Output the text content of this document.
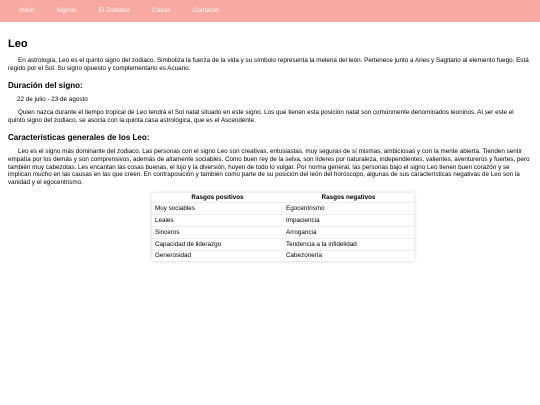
Inicio	Signos	El Zodiaco	Casas	Contacto
Leo

En astrología, Leo es el quinto signo del zodiaco. Simboliza la fuerza de la vida y su símbolo representa la melena del león. Pertenece junto a Aries y Sagitario al elemento fuego. Está regido por el Sol. Su signo opuesto y complementario es Acuario.

Duración del signo:

22 de julio - 23 de agosto

Quien nazca durante el tiempo tropical de Leo tendrá el Sol natal situado en este signo. Los que tienen esta posición natal son comúnmente denominados leoninos. Al ser este el quinto signo del zodiaco, se asocia con la quinta casa astrológica, que es el Ascendente.

Características generales de los Leo:

Leo es el signo más dominante del zodiaco. Las personas con el signo Leo son creativas, entusiastas, muy seguras de sí mismas, ambiciosas y con la mente abierta. Tienden sentir empatía por los demás y son comprensivos, además de altamente sociables. Como buen rey de la selva, son líderes por naturaleza, independientes, valientes, aventureros y fuertes, pero también muy cabezotas. Les encantan las cosas buenas, el lujo y la diversión, huyen de todo lo vulgar. Por norma general, las personas bajo el signo Leo tienen buen corazón y se implican mucho en las causas en las que creen. En contraposición y también como parte de su posición del león del horóscopo, algunas de sus características negativas de Leo son la vanidad y el egocentrismo.

Rasgos positivos	Rasgos negativos
Muy sociables	Egocentrismo
Leales	Impaciencia
Sinceros	Arrogancia
Capacidad de liderazgo	Tendencia a la infidelidad
Generosidad	Cabezonería
